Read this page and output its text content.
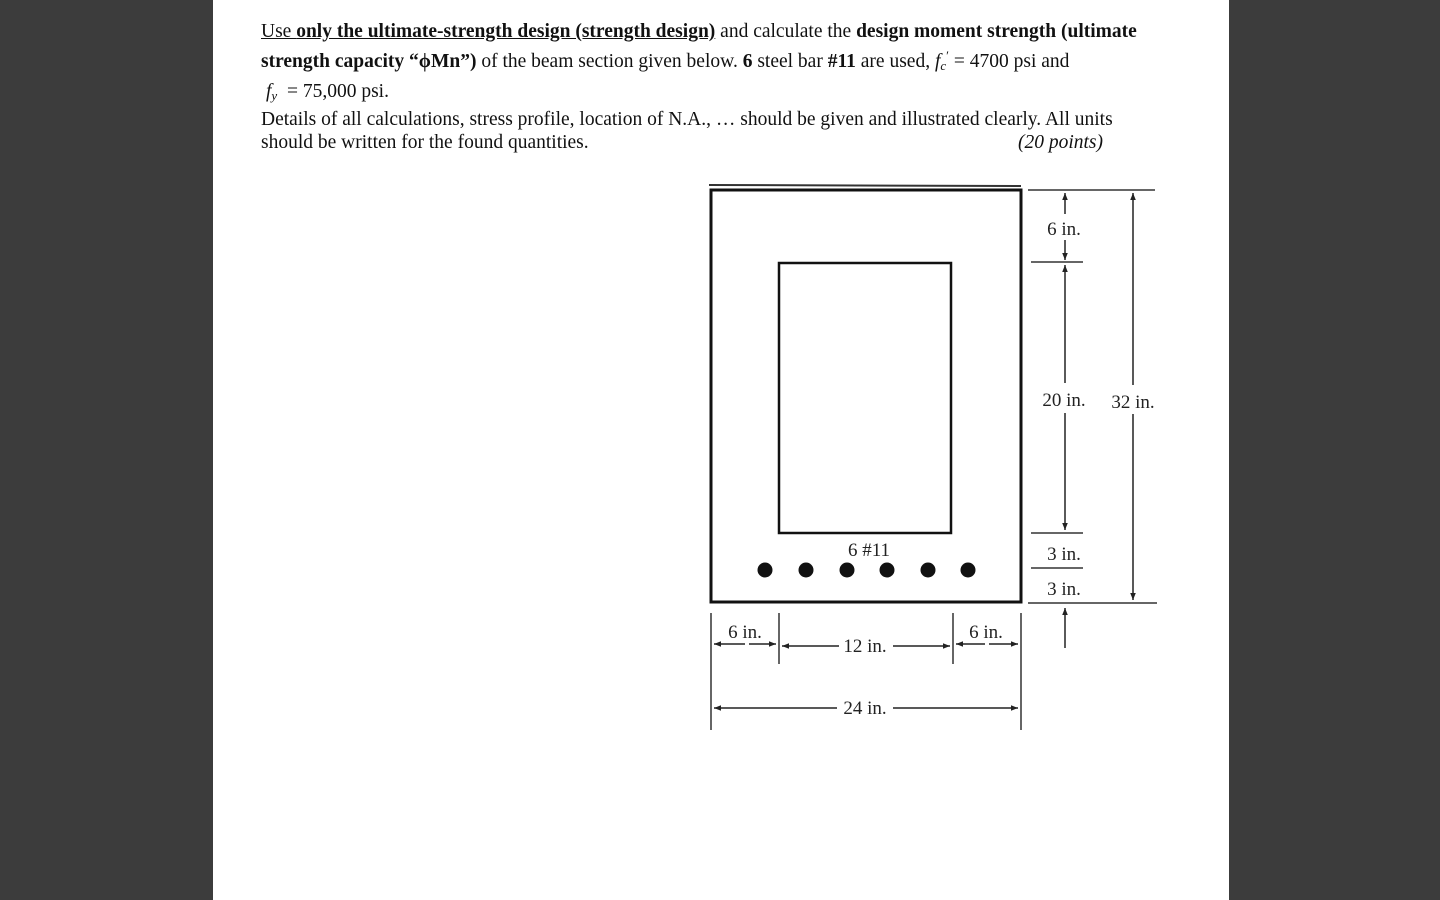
Use only the ultimate-strength design (strength design) and calculate the design moment strength (ultimate
strength capacity “ϕMn”) of the beam section given below. 6 steel bar #11 are used, $f_c' = 4700$ psi and
$f_y = 75,000$ psi.
Details of all calculations, stress profile, location of N.A., … should be given and illustrated clearly. All units
should be written for the found quantities.	(20 points)
6 #11
6 in.
20 in. 32 in.
3 in.
3 in.
6 in.
12 in.
6 in.
24 in.
